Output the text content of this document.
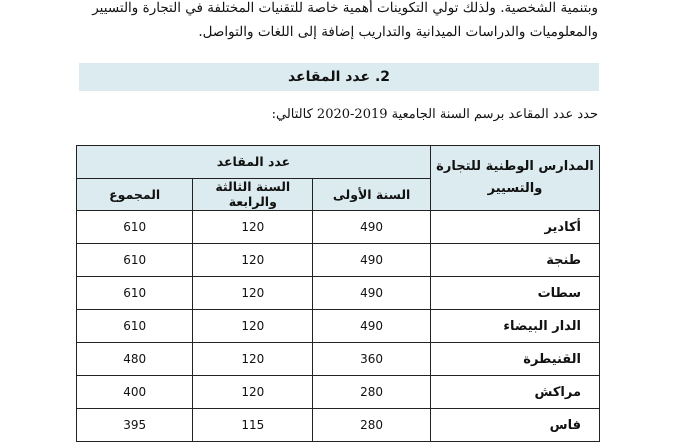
وبتنمية الشخصية. ولذلك تولي التكوينات أهمية خاصة للتقنيات المختلفة في التجارة والتسيير
والمعلوميات والدراسات الميدانية والتداريب إضافة إلى اللغات والتواصل.
2. عدد المقاعد
حدد عدد المقاعد برسم السنة الجامعية 2019-2020 كالتالي:
المدارس الوطنية للتجارة والتسيير	عدد المقاعد		
	السنة الأولى	السنة الثالثة والرابعة	المجموع
أكادير	490	120	610
طنجة	490	120	610
سطات	490	120	610
الدار البيضاء	490	120	610
القنيطرة	360	120	480
مراكش	280	120	400
فاس	280	115	395
